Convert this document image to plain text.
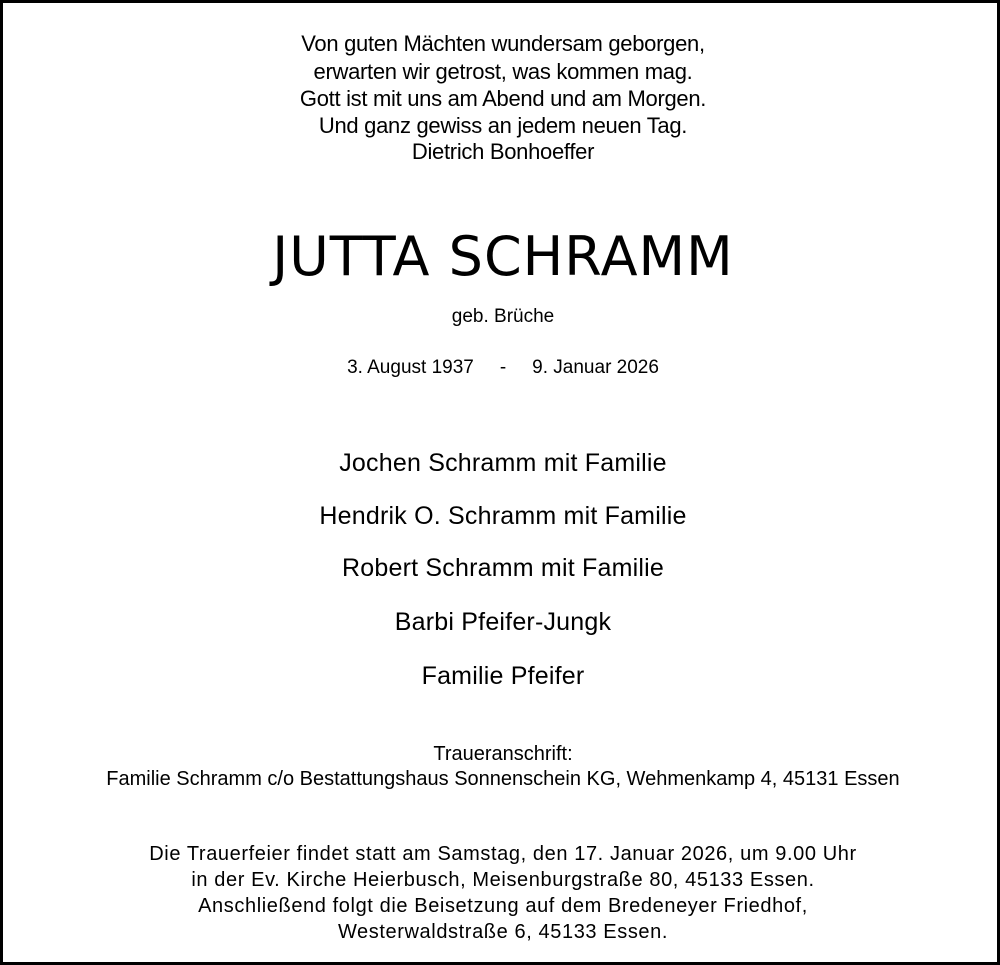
Von guten Mächten wundersam geborgen,
erwarten wir getrost, was kommen mag.
Gott ist mit uns am Abend und am Morgen.
Und ganz gewiss an jedem neuen Tag.
Dietrich Bonhoeffer
JUTTA SCHRAMM
geb. Brüche
3. August 1937 - 9. Januar 2026
Jochen Schramm mit Familie
Hendrik O. Schramm mit Familie
Robert Schramm mit Familie
Barbi Pfeifer-Jungk
Familie Pfeifer
Traueranschrift:
Familie Schramm c/o Bestattungshaus Sonnenschein KG, Wehmenkamp 4, 45131 Essen
Die Trauerfeier findet statt am Samstag, den 17. Januar 2026, um 9.00 Uhr
in der Ev. Kirche Heierbusch, Meisenburgstraße 80, 45133 Essen.
Anschließend folgt die Beisetzung auf dem Bredeneyer Friedhof,
Westerwaldstraße 6, 45133 Essen.
